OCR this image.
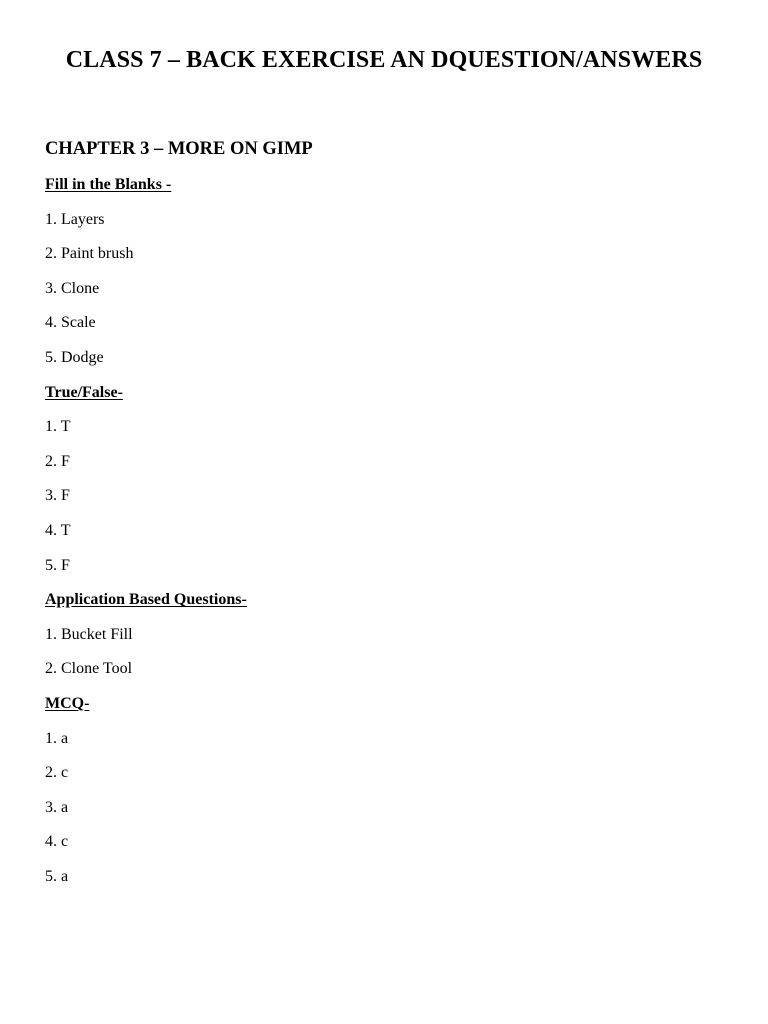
CLASS 7 – BACK EXERCISE AN DQUESTION/ANSWERS
CHAPTER 3 – MORE ON GIMP
Fill in the Blanks -
1. Layers
2. Paint brush
3. Clone
4. Scale
5. Dodge
True/False-
1. T
2. F
3. F
4. T
5. F
Application Based Questions-
1. Bucket Fill
2. Clone Tool
MCQ-
1. a
2. c
3. a
4. c
5. a
